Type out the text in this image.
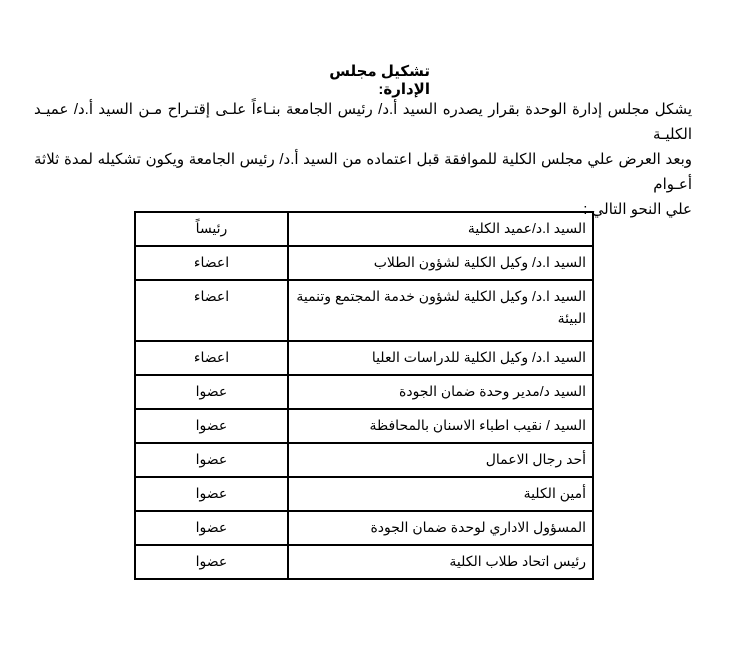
تشكيل مجلس الإدارة:
يشكل مجلس إدارة الوحدة بقرار يصدره السيد أ.د/ رئيس الجامعة بنـاءاً علـى إقتـراح مـن السيد أ.د/ عميـد الكليـة
وبعد العرض علي مجلس الكلية للموافقة قبل اعتماده من السيد أ.د/ رئيس الجامعة ويكون تشكيله لمدة ثلاثة أعـوام
علي النحو التالي :
السيد ا.د/عميد الكلية	رئيساً
السيد ا.د/ وكيل الكلية لشؤون الطلاب	اعضاء
السيد ا.د/ وكيل الكلية لشؤون خدمة المجتمع وتنمية البيئة	اعضاء
السيد ا.د/ وكيل الكلية للدراسات العليا	اعضاء
السيد د/مدير وحدة ضمان الجودة	عضوا
السيد / نقيب اطباء الاسنان بالمحافظة	عضوا
أحد رجال الاعمال	عضوا
أمين الكلية	عضوا
المسؤول الاداري لوحدة ضمان الجودة	عضوا
رئيس اتحاد طلاب الكلية	عضوا
